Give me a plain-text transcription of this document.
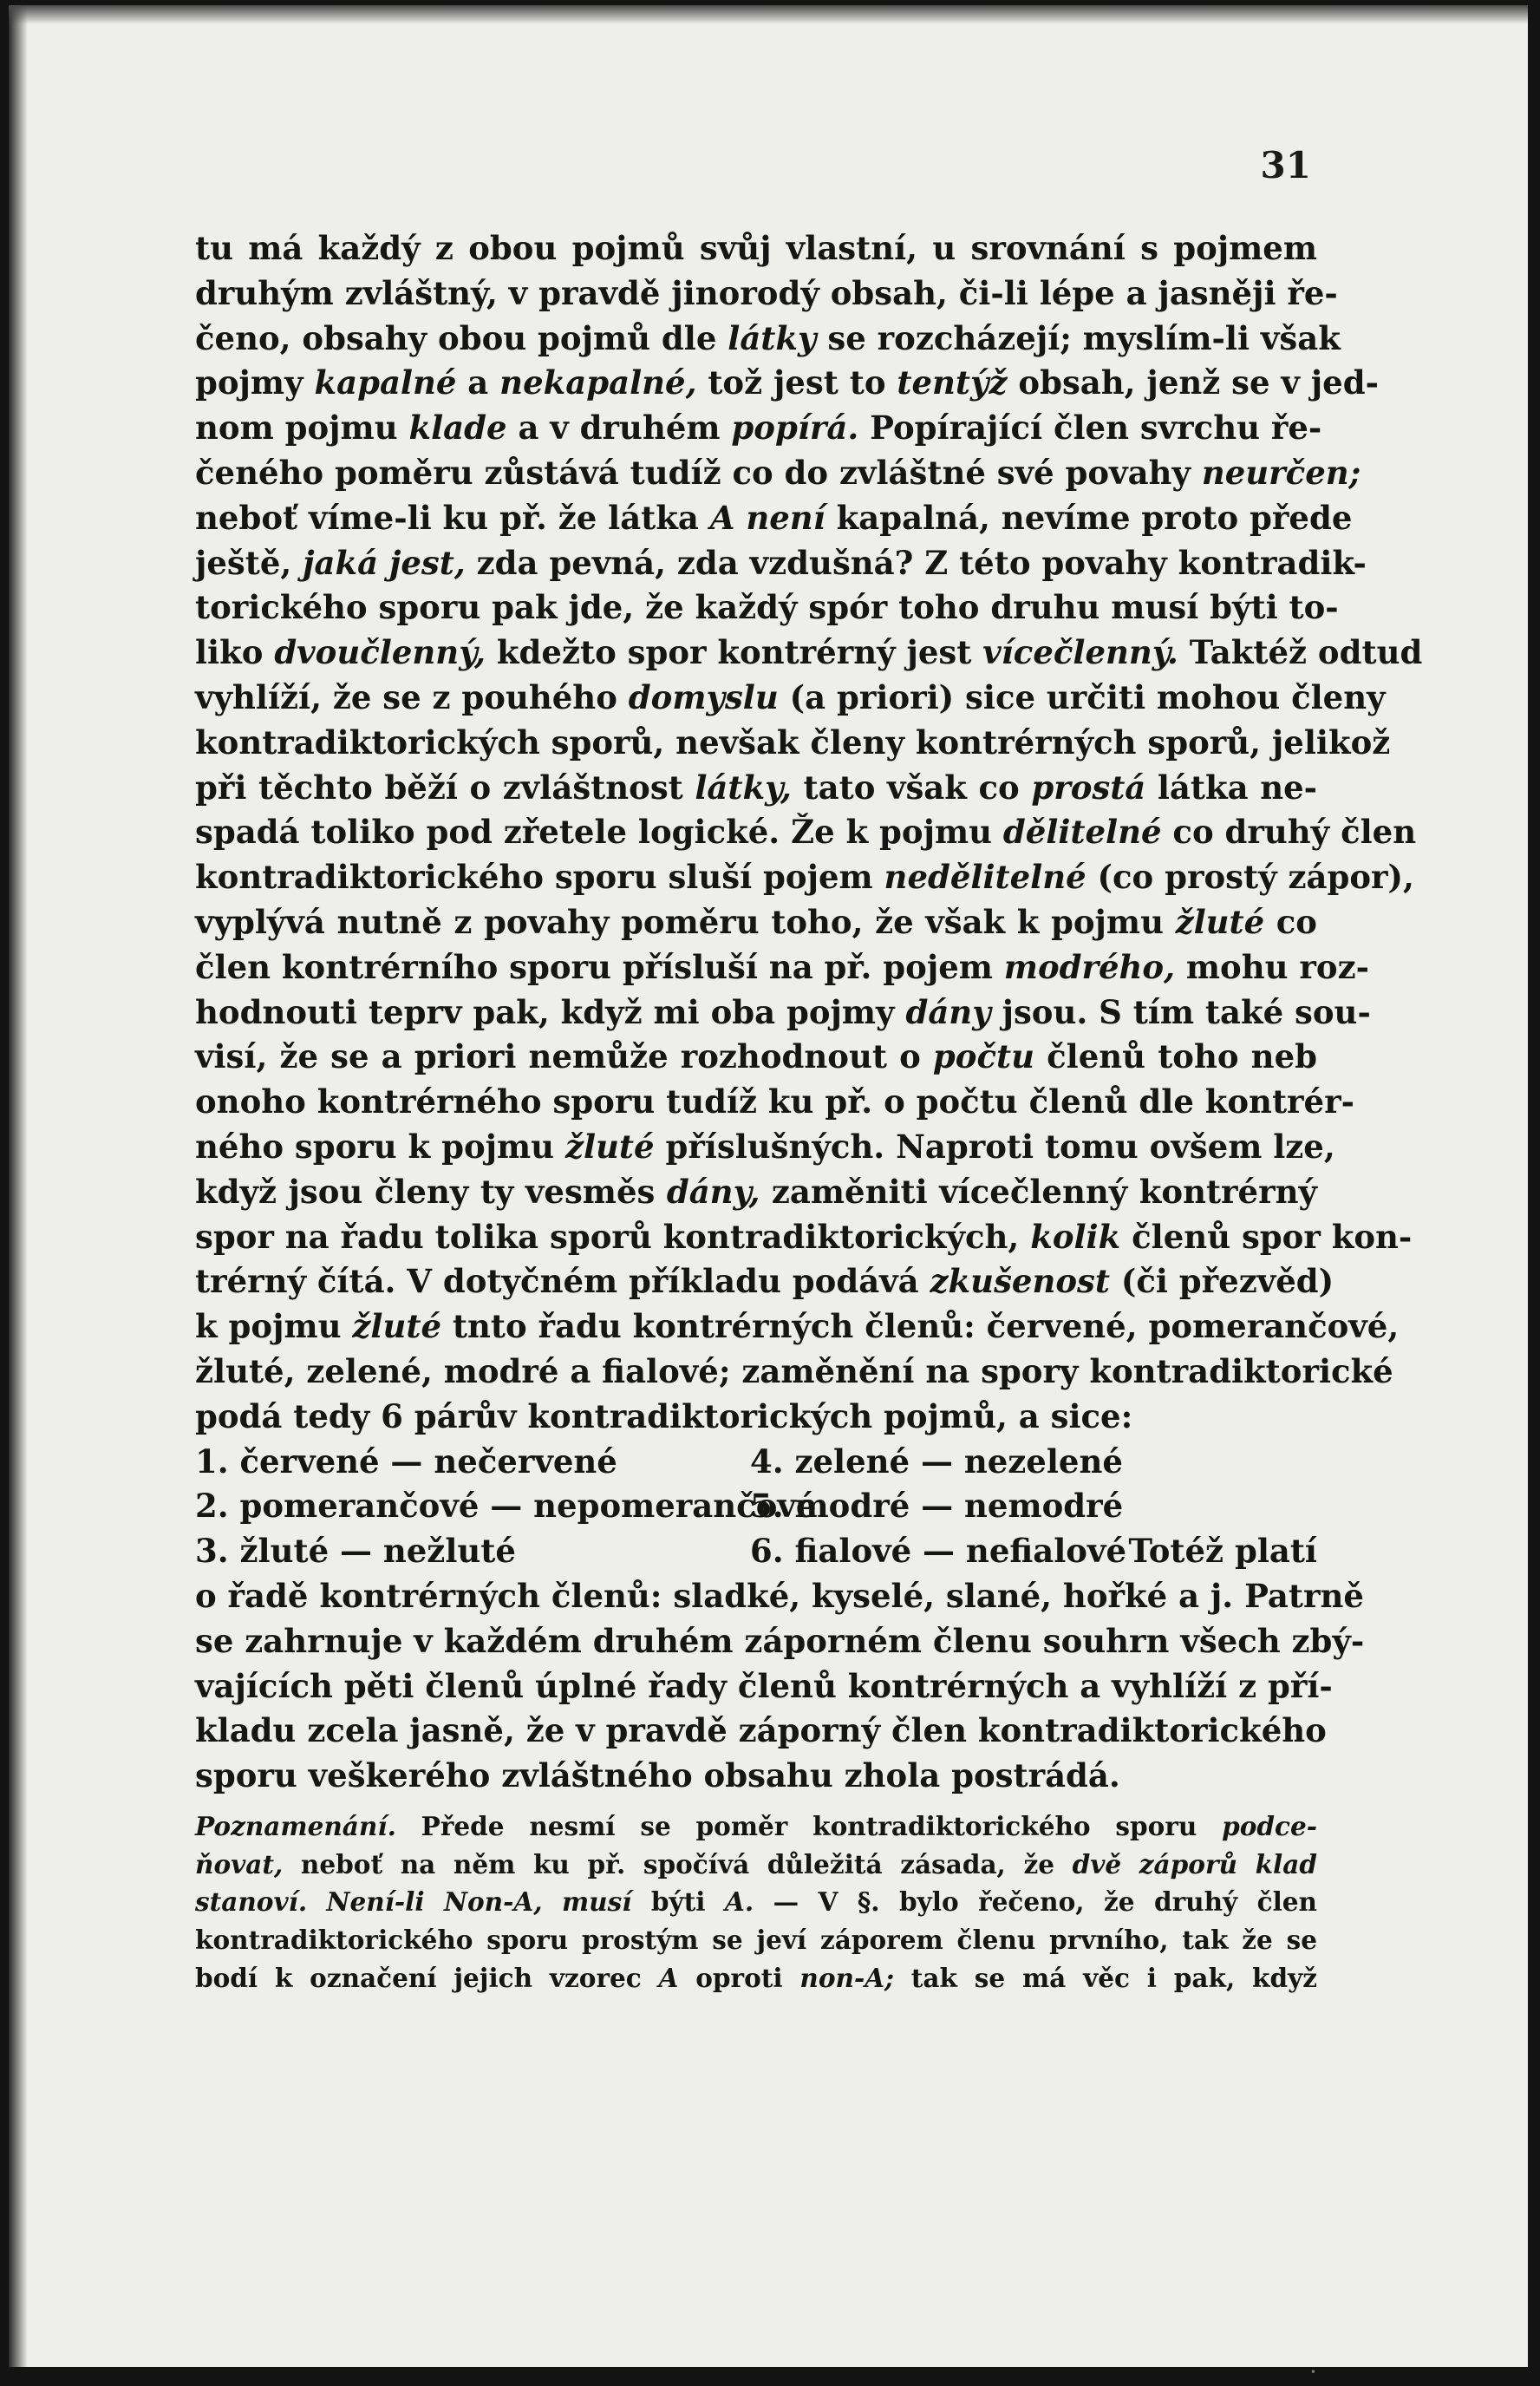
31
tu má každý z obou pojmů svůj vlastní, u srovnání s pojmem
druhým zvláštný, v pravdě jinorodý obsah, či-li lépe a jasněji ře-
čeno, obsahy obou pojmů dle látky se rozcházejí; myslím-li však
pojmy kapalné a nekapalné, tož jest to tentýž obsah, jenž se v jed-
nom pojmu klade a v druhém popírá. Popírající člen svrchu ře-
čeného poměru zůstává tudíž co do zvláštné své povahy neurčen;
neboť víme-li ku př. že látka A není kapalná, nevíme proto přede
ještě, jaká jest, zda pevná, zda vzdušná? Z této povahy kontradik-
torického sporu pak jde, že každý spór toho druhu musí býti to-
liko dvoučlenný, kdežto spor kontrérný jest vícečlenný. Taktéž odtud
vyhlíží, že se z pouhého domyslu (a priori) sice určiti mohou členy
kontradiktorických sporů, nevšak členy kontrérných sporů, jelikož
při těchto běží o zvláštnost látky, tato však co prostá látka ne-
spadá toliko pod zřetele logické. Že k pojmu dělitelné co druhý člen
kontradiktorického sporu sluší pojem nedělitelné (co prostý zápor),
vyplývá nutně z povahy poměru toho, že však k pojmu žluté co
člen kontrérního sporu přísluší na př. pojem modrého, mohu roz-
hodnouti teprv pak, když mi oba pojmy dány jsou. S tím také sou-
visí, že se a priori nemůže rozhodnout o počtu členů toho neb
onoho kontrérného sporu tudíž ku př. o počtu členů dle kontrér-
ného sporu k pojmu žluté příslušných. Naproti tomu ovšem lze,
když jsou členy ty vesměs dány, zaměniti vícečlenný kontrérný
spor na řadu tolika sporů kontradiktorických, kolik členů spor kon-
trérný čítá. V dotyčném příkladu podává zkušenost (či přezvěd)
k pojmu žluté tnto řadu kontrérných členů: červené, pomerančové,
žluté, zelené, modré a fialové; zaměnění na spory kontradiktorické
podá tedy 6 párův kontradiktorických pojmů, a sice:
1. červené — nečervené	4. zelené — nezelené
2. pomerančové — nepomerančové
5. modré — nemodré
3. žluté — nežluté	6. fialové — nefialové Totéž platí
o řadě kontrérných členů: sladké, kyselé, slané, hořké a j. Patrně
se zahrnuje v každém druhém záporném členu souhrn všech zbý-
vajících pěti členů úplné řady členů kontrérných a vyhlíží z pří-
kladu zcela jasně, že v pravdě záporný člen kontradiktorického
sporu veškerého zvláštného obsahu zhola postrádá.
Poznamenání. Přede nesmí se poměr kontradiktorického sporu podce-
ňovat, neboť na něm ku př. spočívá důležitá zásada, že dvě záporů klad
stanoví. Není-li Non-A, musí býti A. — V §. bylo řečeno, že druhý člen
kontradiktorického sporu prostým se jeví záporem členu prvního, tak že se
bodí k označení jejich vzorec A oproti non-A; tak se má věc i pak, když
·
